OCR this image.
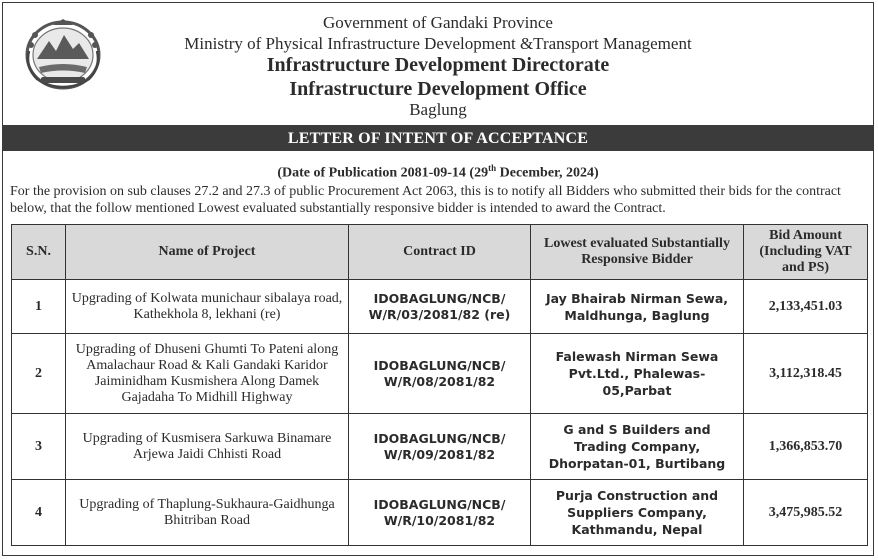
Government of Gandaki Province
Ministry of Physical Infrastructure Development &Transport Management
Infrastructure Development Directorate
Infrastructure Development Office
Baglung
LETTER OF INTENT OF ACCEPTANCE
(Date of Publication 2081-09-14 (29th December, 2024)
For the provision on sub clauses 27.2 and 27.3 of public Procurement Act 2063, this is to notify all Bidders who submitted their bids for the contract below, that the follow mentioned Lowest evaluated substantially responsive bidder is intended to award the Contract.
S.N.	Name of Project	Contract ID	Lowest evaluated Substantially Responsive Bidder	Bid Amount (Including VAT and PS)
1	Upgrading of Kolwata munichaur sibalaya road, Kathekhola 8, lekhani (re)	IDOBAGLUNG/NCB/ W/R/03/2081/82 (re)	Jay Bhairab Nirman Sewa, Maldhunga, Baglung	2,133,451.03
2	Upgrading of Dhuseni Ghumti To Pateni along Amalachaur Road & Kali Gandaki Karidor Jaiminidham Kusmishera Along Damek Gajadaha To Midhill Highway	IDOBAGLUNG/NCB/ W/R/08/2081/82	Falewash Nirman Sewa Pvt.Ltd., Phalewas-05,Parbat	3,112,318.45
3	Upgrading of Kusmisera Sarkuwa Binamare Arjewa Jaidi Chhisti Road	IDOBAGLUNG/NCB/ W/R/09/2081/82	G and S Builders and Trading Company, Dhorpatan-01, Burtibang	1,366,853.70
4	Upgrading of Thaplung-Sukhaura-Gaidhunga Bhitriban Road	IDOBAGLUNG/NCB/ W/R/10/2081/82	Purja Construction and Suppliers Company, Kathmandu, Nepal	3,475,985.52
